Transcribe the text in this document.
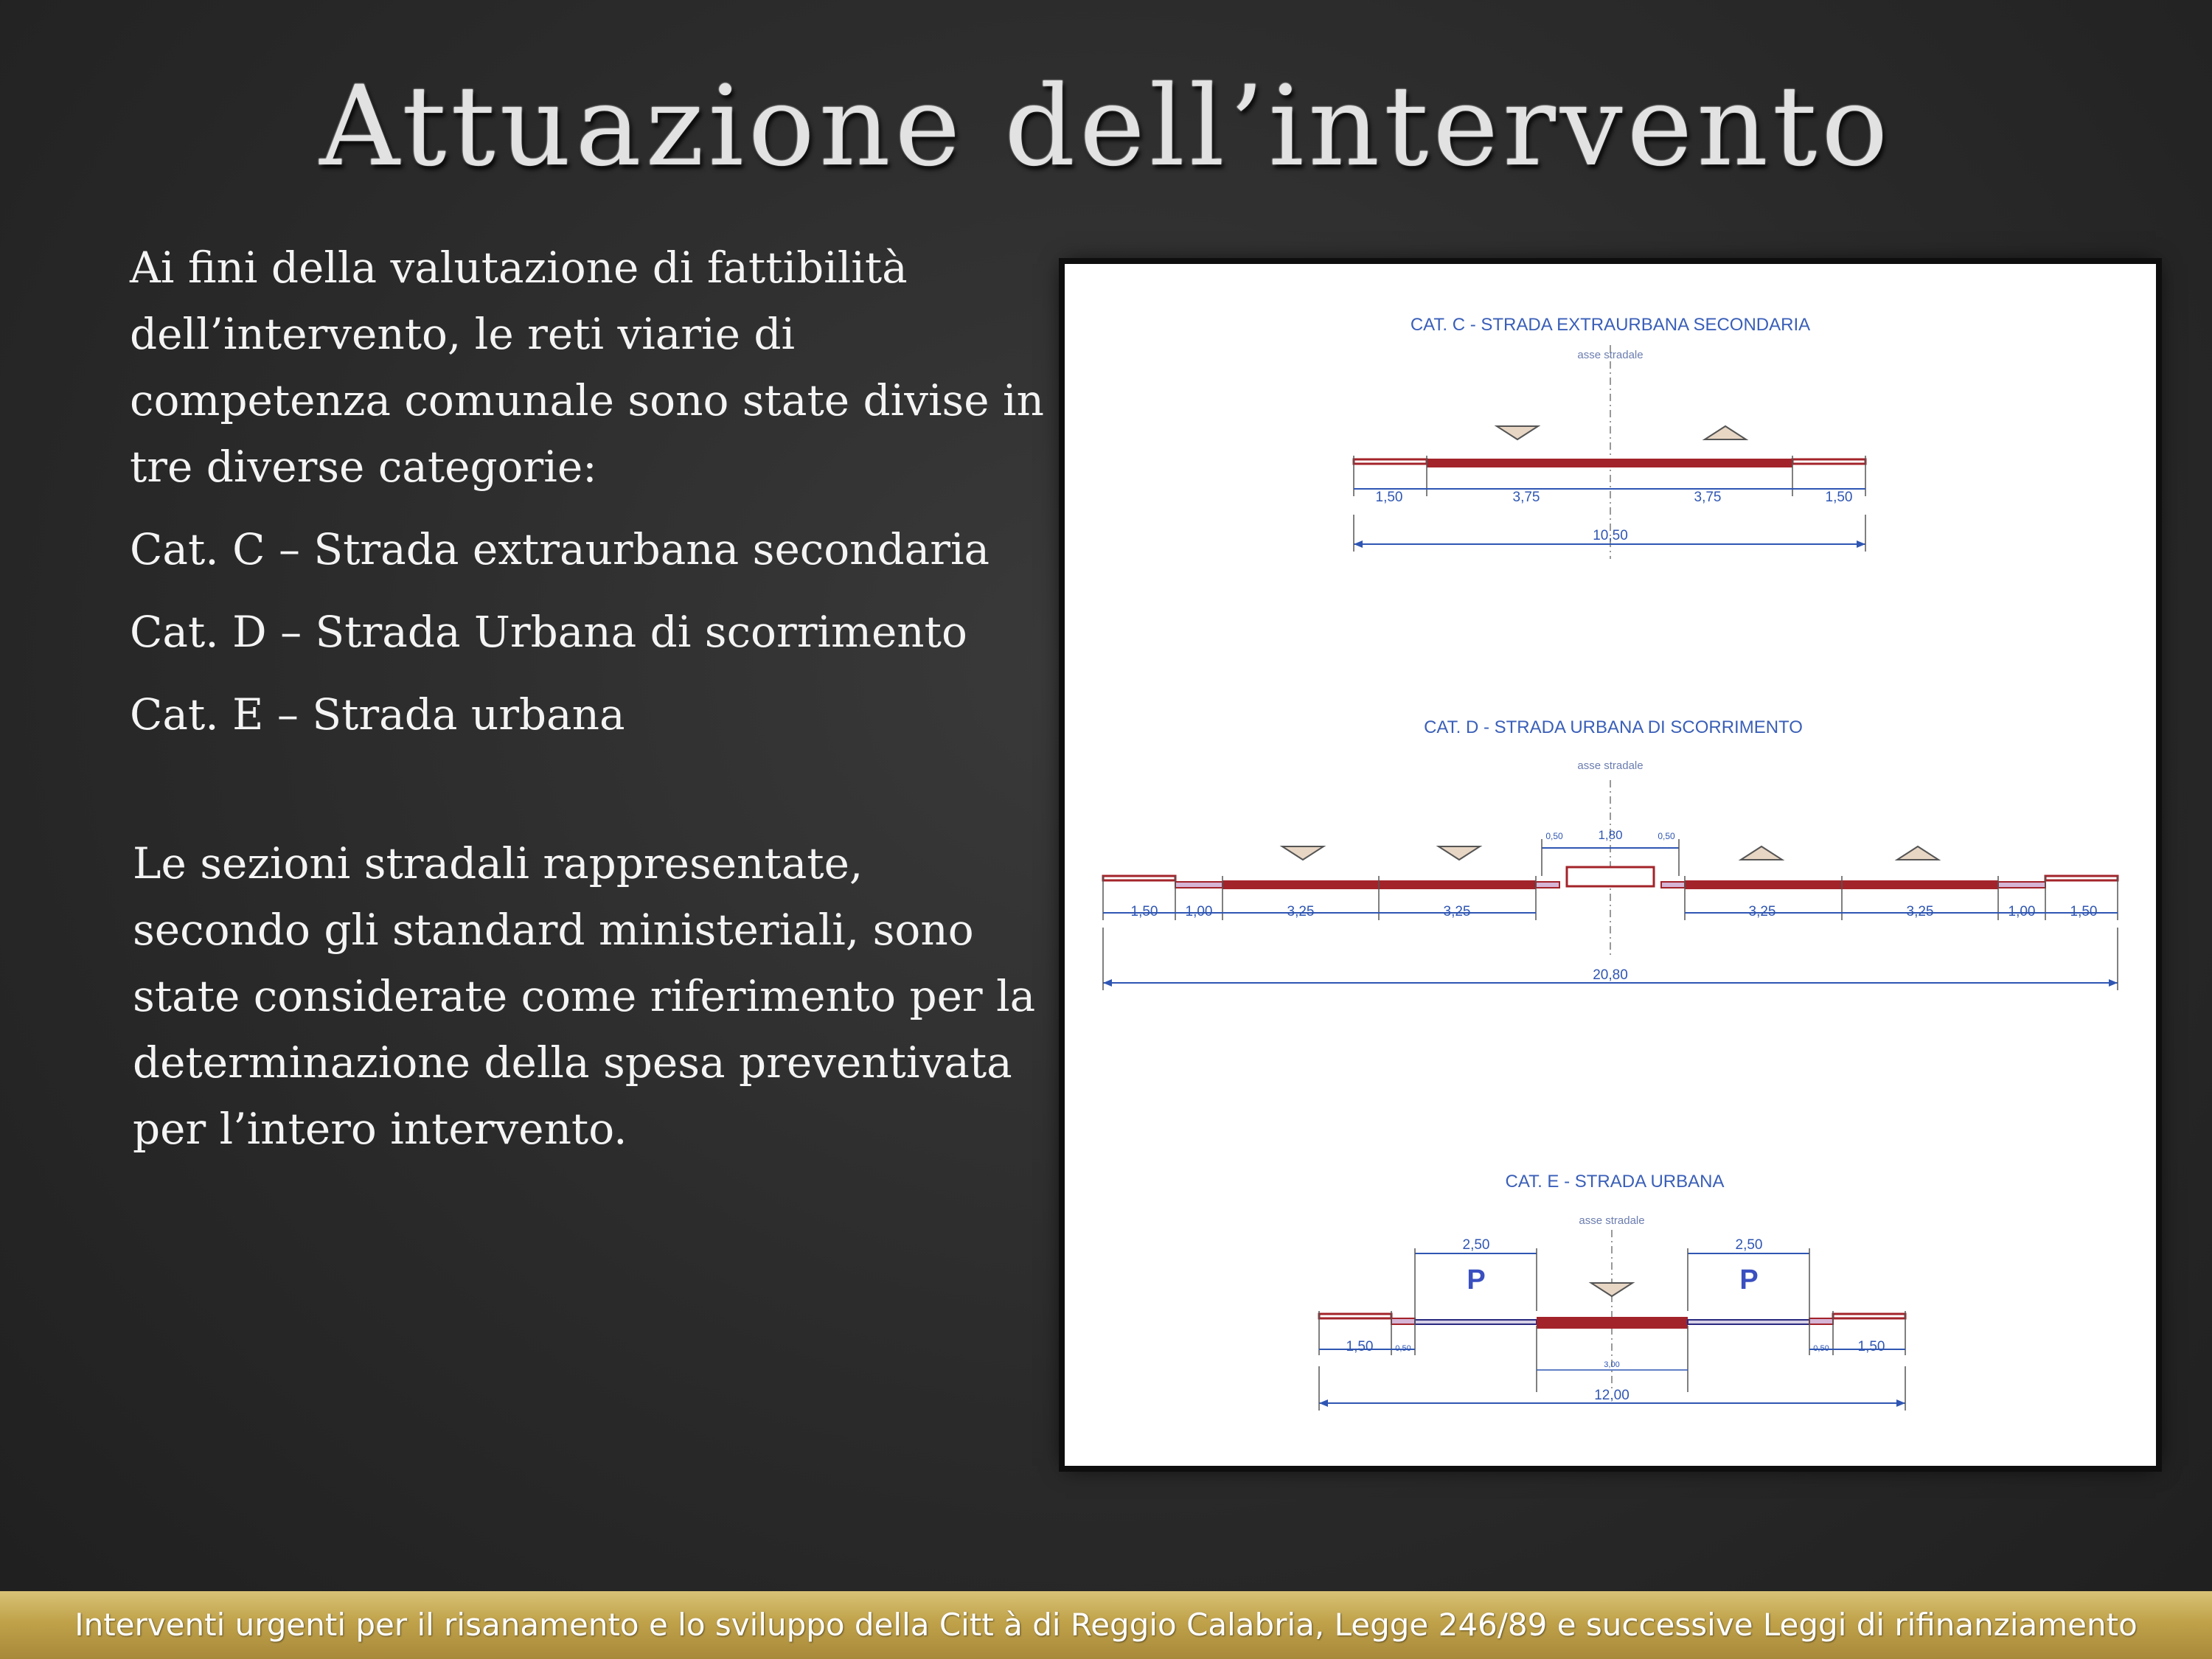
Attuazione dell’intervento

Ai fini della valutazione di fattibilità dell’intervento, le reti viarie di competenza comunale sono state divise in tre diverse categorie:

Cat. C – Strada extraurbana secondaria

Cat. D – Strada Urbana di scorrimento

Cat. E – Strada urbana

Le sezioni stradali rappresentate, secondo gli standard ministeriali, sono state considerate come riferimento per la determinazione della spesa preventivata per l’intero intervento.

CAT. C - STRADA EXTRAURBANA SECONDARIA
asse stradale
1,50	3,75	3,75	1,50
10,50
CAT. D - STRADA URBANA DI SCORRIMENTO
asse stradale
0,50	1,80	0,50
1,50 1,00	3,25	3,25	3,25	3,25	1,00 1,50
20,80
CAT. E - STRADA URBANA
asse stradale
2,50
P
2,50
P
1,50	0,50
3,00
0,50 1,50
12,00
Interventi urgenti per il risanamento e lo sviluppo della Citt à di Reggio Calabria, Legge 246/89 e successive Leggi di rifinanziamento
